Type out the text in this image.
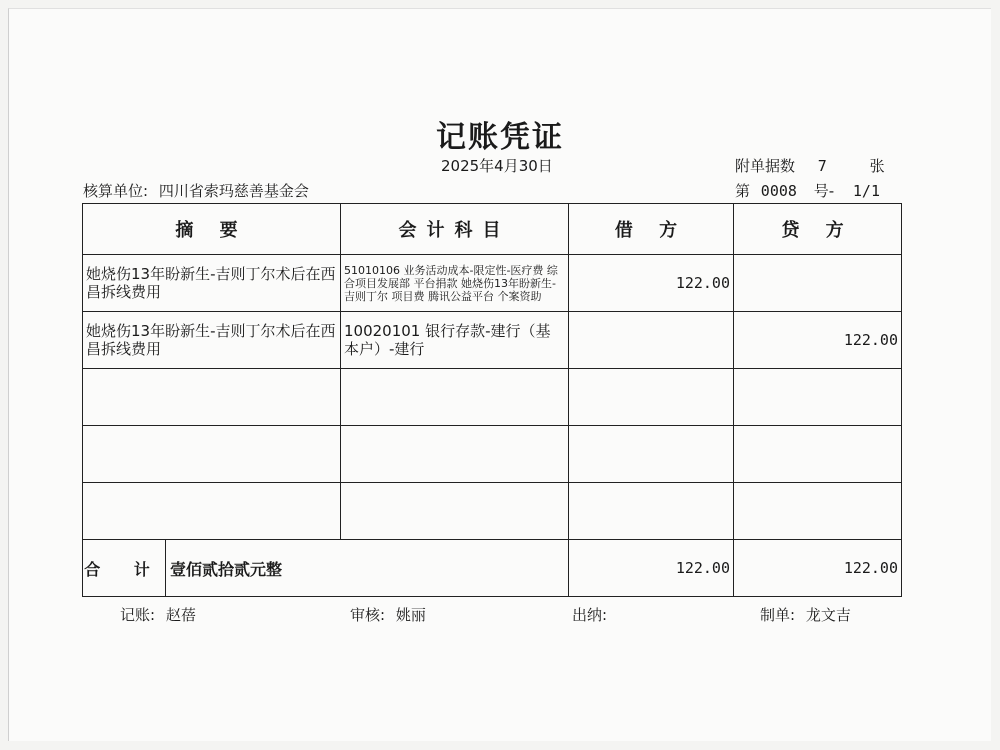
记账凭证
2025年4月30日	附单据数 7	张
核算单位: 四川省索玛慈善基金会	第 0008 号- 1/1
摘 要	会计科目	借 方	贷 方
她烧伤13年盼新生-吉则丁尔术后在西昌拆线费用	51010106 业务活动成本-限定性-医疗费 综合项目发展部 平台捐款 她烧伤13年盼新生-吉则丁尔 项目费 腾讯公益平台 个案资助	122.00	
她烧伤13年盼新生-吉则丁尔术后在西昌拆线费用	10020101 银行存款-建行（基本户）-建行		122.00

合 计 壹佰贰拾贰元整		122.00	122.00
记账: 赵蓓	审核: 姚丽	出纳:	制单: 龙文吉
